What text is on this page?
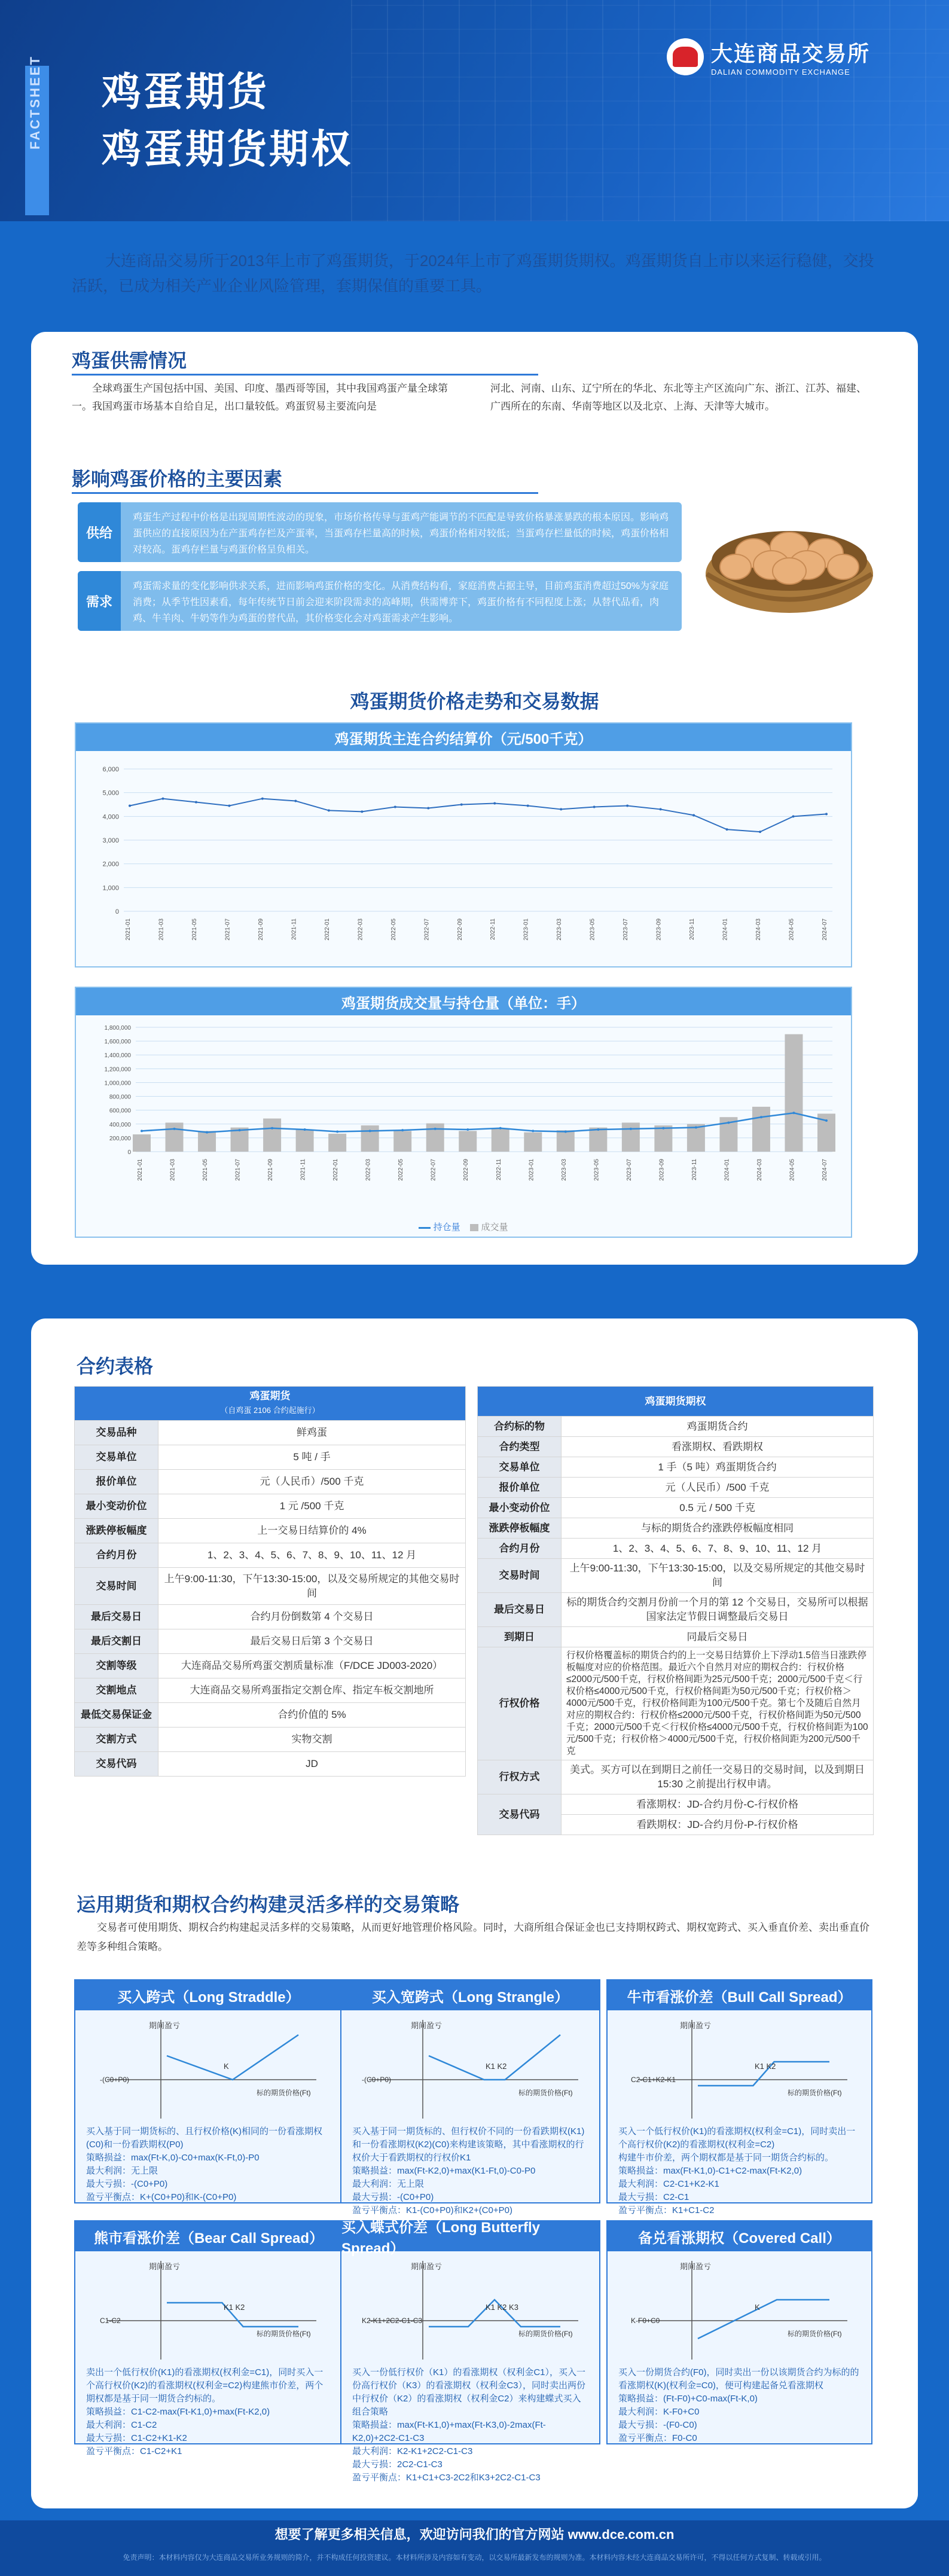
FACTSHEET 鸡蛋期货
鸡蛋期货期权
大连商品交易所
DALIAN COMMODITY EXCHANGE
大连商品交易所于2013年上市了鸡蛋期货，于2024年上市了鸡蛋期货期权。鸡蛋期货自上市以来运行稳健，交投活跃，已成为相关产业企业风险管理，套期保值的重要工具。
鸡蛋供需情况
全球鸡蛋生产国包括中国、美国、印度、墨西哥等国，其中我国鸡蛋产量全球第一。我国鸡蛋市场基本自给自足，出口量较低。鸡蛋贸易主要流向是
河北、河南、山东、辽宁所在的华北、东北等主产区流向广东、浙江、江苏、福建、广西所在的东南、华南等地区以及北京、上海、天津等大城市。
影响鸡蛋价格的主要因素
供给
鸡蛋生产过程中价格是出现周期性波动的现象，市场价格传导与蛋鸡产能调节的不匹配是导致价格暴涨暴跌的根本原因。影响鸡蛋供应的直接原因为在产蛋鸡存栏及产蛋率，当蛋鸡存栏量高的时候，鸡蛋价格相对较低；当蛋鸡存栏量低的时候，鸡蛋价格相对较高。蛋鸡存栏量与鸡蛋价格呈负相关。
需求
鸡蛋需求量的变化影响供求关系，进而影响鸡蛋价格的变化。从消费结构看，家庭消费占据主导，目前鸡蛋消费超过50%为家庭消费；从季节性因素看，每年传统节日前会迎来阶段需求的高峰期，供需博弈下，鸡蛋价格有不同程度上涨；从替代品看，肉鸡、牛羊肉、牛奶等作为鸡蛋的替代品，其价格变化会对鸡蛋需求产生影响。
鸡蛋期货价格走势和交易数据
鸡蛋期货主连合约结算价（元/500千克）
6,000
5,000
4,000
3,000
2,000
1,000
0
2021-01	2021-03	2021-05	2021-07	2021-09	2021-11	2022-01	2022-03	2022-05	2022-07	2022-09	2022-11	2023-01	2023-03	2023-05	2023-07	2023-09	2023-11	2024-01	2024-03	2024-05	2024-07
鸡蛋期货成交量与持仓量（单位：手）
1,800,000
1,600,000
1,400,000
1,200,000
1,000,000
800,000
600,000
400,000
200,000
0
2021-01	2021-03	2021-05	2021-07	2021-09	2021-11	2022-01	2022-03	2022-05	2022-07	2022-09	2022-11	2023-01	2023-03	2023-05	2023-07	2023-09	2023-11	2024-01	2024-03	2024-05	2024-07
持仓量 成交量
合约表格
鸡蛋期货
（自鸡蛋 2106 合约起施行）	

交易品种	鲜鸡蛋
交易单位	5 吨 / 手
报价单位	元（人民币）/500 千克
最小变动价位	1 元 /500 千克
涨跌停板幅度	上一交易日结算价的 4%
合约月份	1、2、3、4、5、6、7、8、9、10、11、12 月
交易时间	上午9:00-11:30，下午13:30-15:00，以及交易所规定的其他交易时间
最后交易日	合约月份倒数第 4 个交易日
最后交割日	最后交易日后第 3 个交易日
交割等级	大连商品交易所鸡蛋交割质量标准（F/DCE JD003-2020）
交割地点	大连商品交易所鸡蛋指定交割仓库、指定车板交割地所
最低交易保证金	合约价值的 5%
交割方式	实物交割
交易代码	JD
鸡蛋期货期权	
合约标的物	鸡蛋期货合约
合约类型	看涨期权、看跌期权
交易单位	1 手（5 吨）鸡蛋期货合约
报价单位	元（人民币）/500 千克
最小变动价位	0.5 元 / 500 千克
涨跌停板幅度	与标的期货合约涨跌停板幅度相同
合约月份	1、2、3、4、5、6、7、8、9、10、11、12 月
交易时间	上午9:00-11:30，下午13:30-15:00，以及交易所规定的其他交易时间
最后交易日	标的期货合约交割月份前一个月的第 12 个交易日，交易所可以根据国家法定节假日调整最后交易日
到期日	同最后交易日
行权价格	行权价格覆盖标的期货合约的上一交易日结算价上下浮动1.5倍当日涨跌停板幅度对应的价格范围。最近六个自然月对应的期权合约：行权价格≤2000元/500千克，行权价格间距为25元/500千克；2000元/500千克＜行权价格≤4000元/500千克，行权价格间距为50元/500千克；行权价格＞4000元/500千克，行权价格间距为100元/500千克。第七个及随后自然月对应的期权合约：行权价格≤2000元/500千克，行权价格间距为50元/500千克；2000元/500千克＜行权价格≤4000元/500千克，行权价格间距为100元/500千克；行权价格＞4000元/500千克，行权价格间距为200元/500千克
行权方式	美式。买方可以在到期日之前任一交易日的交易时间，以及到期日 15:30 之前提出行权申请。
交易代码	看涨期权：JD-合约月份-C-行权价格
	看跌期权：JD-合约月份-P-行权价格
运用期货和期权合约构建灵活多样的交易策略
交易者可使用期货、期权合约构建起灵活多样的交易策略，从而更好地管理价格风险。同时，大商所组合保证金也已支持期权跨式、期权宽跨式、买入垂直价差、卖出垂直价差等多种组合策略。
买入跨式（Long Straddle）
期间盈亏
-(C0+P0)
K
标的期货价格(Ft)
买入基于同一期货标的、且行权价格(K)相同的一份看涨期权(C0)和一份看跌期权(P0)
策略损益：max(Ft-K,0)-C0+max(K-Ft,0)-P0
最大利润：无上限
最大亏损：-(C0+P0)
盈亏平衡点：K+(C0+P0)和K-(C0+P0)
买入宽跨式（Long Strangle）
期间盈亏
-(C0+P0)
K1 K2
标的期货价格(Ft)
买入基于同一期货标的、但行权价不同的一份看跌期权(K1)和一份看涨期权(K2)(C0)来构建该策略，其中看涨期权的行权价大于看跌期权的行权价K1
策略损益：max(Ft-K2,0)+max(K1-Ft,0)-C0-P0
最大利润：无上限
最大亏损：-(C0+P0)
盈亏平衡点：K1-(C0+P0)和K2+(C0+P0)
牛市看涨价差（Bull Call Spread）
期间盈亏
C2-C1+K2-K1
K1 K2
标的期货价格(Ft)
买入一个低行权价(K1)的看涨期权(权利金=C1)，同时卖出一个高行权价(K2)的看涨期权(权利金=C2)
构建牛市价差，两个期权都是基于同一期货合约标的。
策略损益：max(Ft-K1,0)-C1+C2-max(Ft-K2,0)
最大利润：C2-C1+K2-K1
最大亏损：C2-C1
盈亏平衡点：K1+C1-C2
熊市看涨价差（Bear Call Spread）
期间盈亏
C1-C2
K1 K2
标的期货价格(Ft)
卖出一个低行权价(K1)的看涨期权(权利金=C1)，同时买入一个高行权价(K2)的看涨期权(权利金=C2)构建熊市价差，两个期权都是基于同一期货合约标的。
策略损益：C1-C2-max(Ft-K1,0)+max(Ft-K2,0)
最大利润：C1-C2
最大亏损：C1-C2+K1-K2
盈亏平衡点：C1-C2+K1
买入蝶式价差（Long Butterfly Spread）
期间盈亏
K2-K1+2C2-C1-C3
K1 K2 K3
标的期货价格(Ft)
买入一份低行权价（K1）的看涨期权（权利金C1），买入一份高行权价（K3）的看涨期权（权利金C3），同时卖出两份中行权价（K2）的看涨期权（权利金C2）来构建蝶式买入组合策略
策略损益：max(Ft-K1,0)+max(Ft-K3,0)-2max(Ft-K2,0)+2C2-C1-C3
最大利润：K2-K1+2C2-C1-C3
最大亏损：2C2-C1-C3
盈亏平衡点：K1+C1+C3-2C2和K3+2C2-C1-C3
备兑看涨期权（Covered Call）
期间盈亏
K-F0+C0
K
标的期货价格(Ft)
买入一份期货合约(F0)，同时卖出一份以该期货合约为标的的看涨期权(K)(权利金=C0)，便可构建起备兑看涨期权
策略损益：(Ft-F0)+C0-max(Ft-K,0)
最大利润：K-F0+C0
最大亏损：-(F0-C0)
盈亏平衡点：F0-C0
想要了解更多相关信息，欢迎访问我们的官方网站 www.dce.com.cn
免责声明：本材料内容仅为大连商品交易所业务规则的简介，并不构成任何投资建议。本材料所涉及内容如有变动，以交易所最新发布的规则为准。本材料内容未经大连商品交易所许可，不得以任何方式复制、转载或引用。
